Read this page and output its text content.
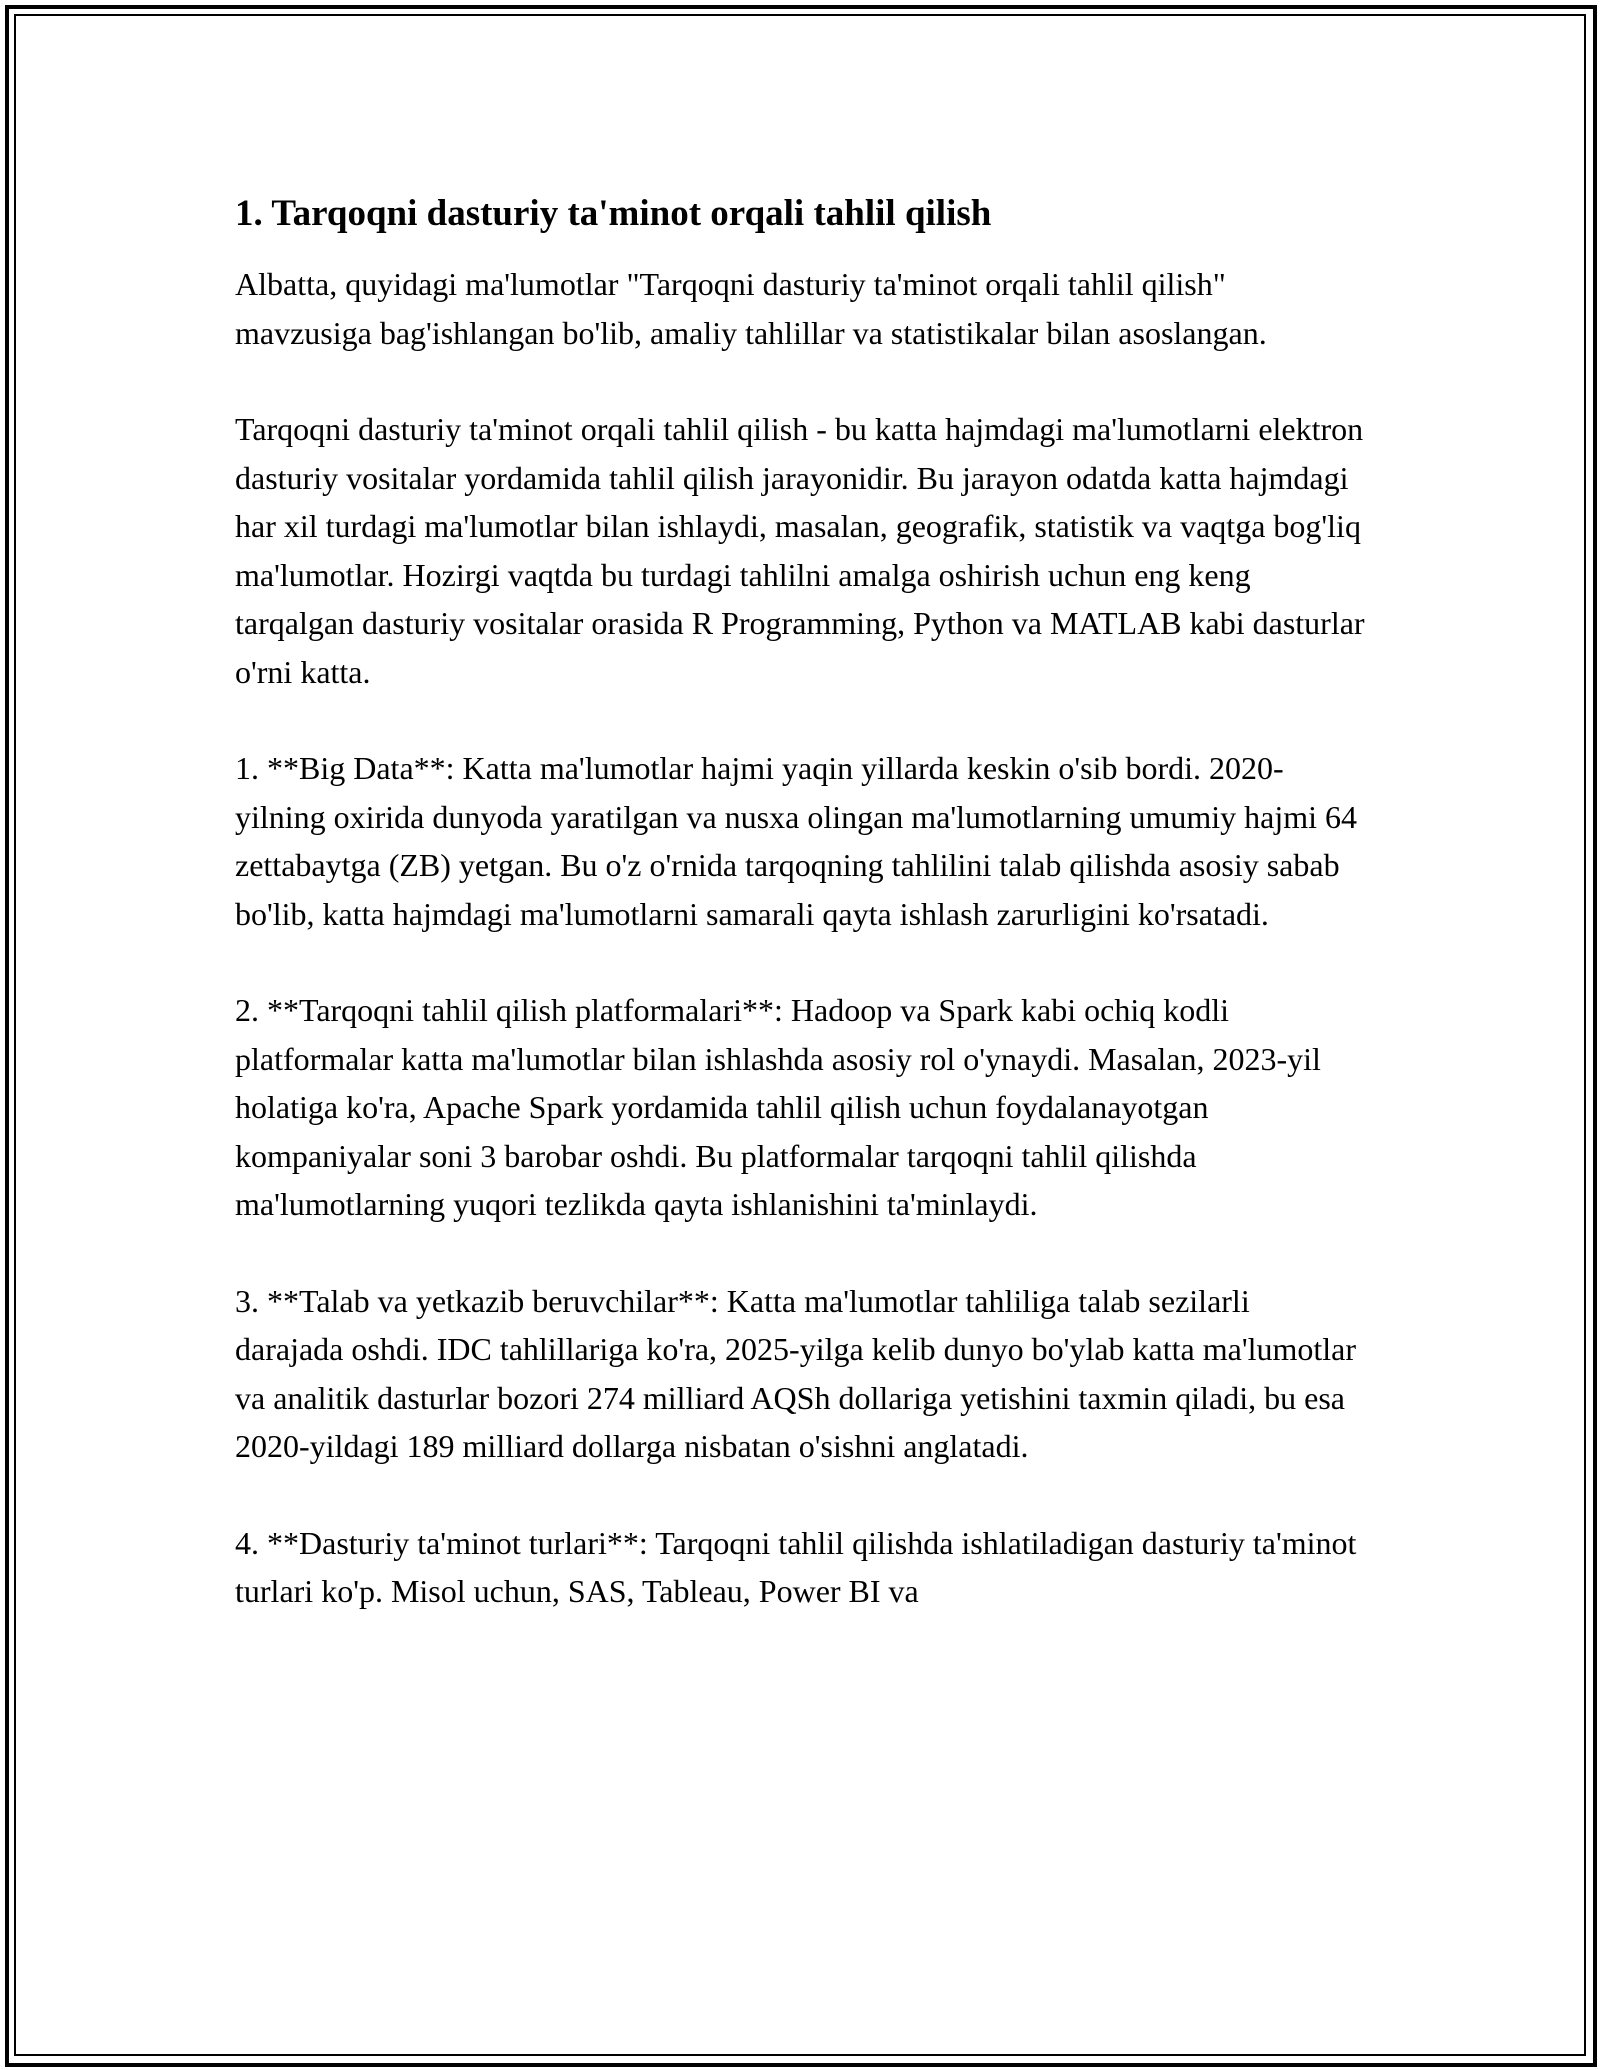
1. Tarqoqni dasturiy ta'minot orqali tahlil qilish

Albatta, quyidagi ma'lumotlar "Tarqoqni dasturiy ta'minot orqali tahlil qilish" mavzusiga bag'ishlangan bo'lib, amaliy tahlillar va statistikalar bilan asoslangan.

Tarqoqni dasturiy ta'minot orqali tahlil qilish - bu katta hajmdagi ma'lumotlarni elektron dasturiy vositalar yordamida tahlil qilish jarayonidir. Bu jarayon odatda katta hajmdagi har xil turdagi ma'lumotlar bilan ishlaydi, masalan, geografik, statistik va vaqtga bog'liq ma'lumotlar. Hozirgi vaqtda bu turdagi tahlilni amalga oshirish uchun eng keng tarqalgan dasturiy vositalar orasida R Programming, Python va MATLAB kabi dasturlar o'rni katta.

1. **Big Data**: Katta ma'lumotlar hajmi yaqin yillarda keskin o'sib bordi. 2020-yilning oxirida dunyoda yaratilgan va nusxa olingan ma'lumotlarning umumiy hajmi 64 zettabaytga (ZB) yetgan. Bu o'z o'rnida tarqoqning tahlilini talab qilishda asosiy sabab bo'lib, katta hajmdagi ma'lumotlarni samarali qayta ishlash zarurligini ko'rsatadi.

2. **Tarqoqni tahlil qilish platformalari**: Hadoop va Spark kabi ochiq kodli platformalar katta ma'lumotlar bilan ishlashda asosiy rol o'ynaydi. Masalan, 2023-yil holatiga ko'ra, Apache Spark yordamida tahlil qilish uchun foydalanayotgan kompaniyalar soni 3 barobar oshdi. Bu platformalar tarqoqni tahlil qilishda ma'lumotlarning yuqori tezlikda qayta ishlanishini ta'minlaydi.

3. **Talab va yetkazib beruvchilar**: Katta ma'lumotlar tahliliga talab sezilarli darajada oshdi. IDC tahlillariga ko'ra, 2025-yilga kelib dunyo bo'ylab katta ma'lumotlar va analitik dasturlar bozori 274 milliard AQSh dollariga yetishini taxmin qiladi, bu esa 2020-yildagi 189 milliard dollarga nisbatan o'sishni anglatadi.

4. **Dasturiy ta'minot turlari**: Tarqoqni tahlil qilishda ishlatiladigan dasturiy ta'minot turlari ko'p. Misol uchun, SAS, Tableau, Power BI va
